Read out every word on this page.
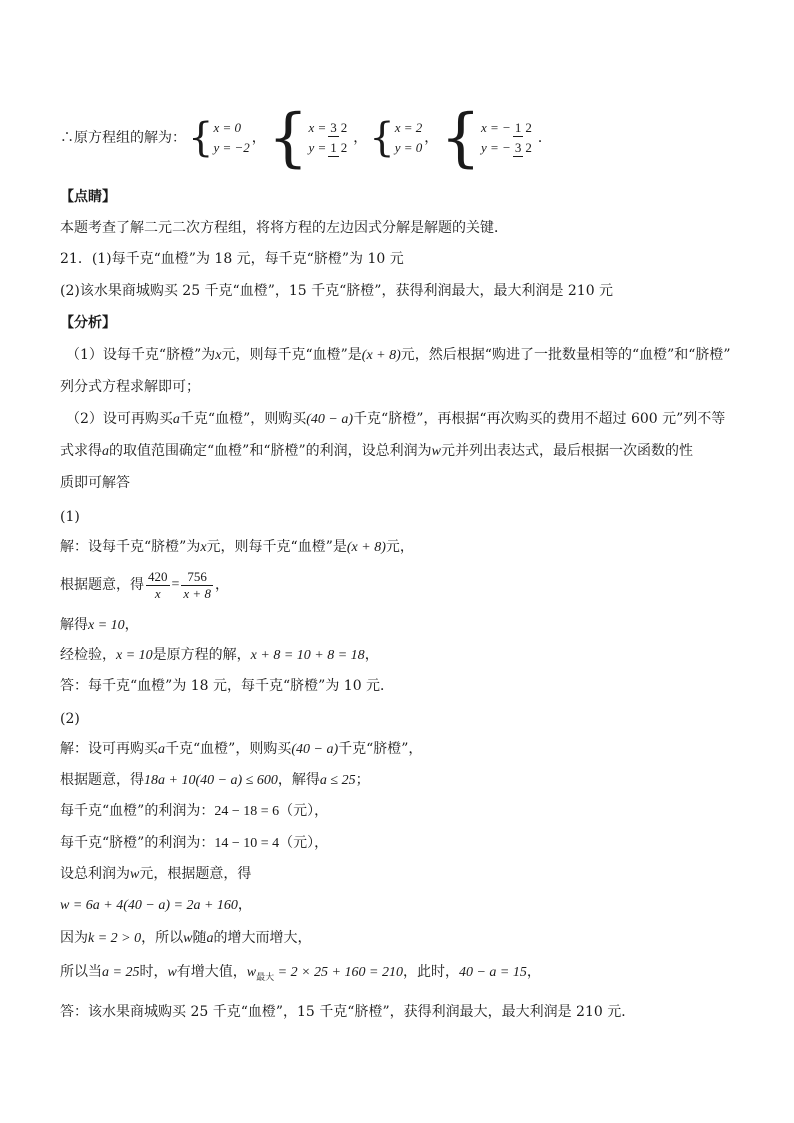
∴原方程组的解为： { x = 0
y = −2
， { x = 3 2
y = 1 2
， { x = 2
y = 0
， { x = − 1 2
y = − 3 2
．
【点睛】
本题考查了解二元二次方程组，将将方程的左边因式分解是解题的关键．
21．(1)每千克“血橙”为 18 元，每千克“脐橙”为 10 元
(2)该水果商城购买 25 千克“血橙”，15 千克“脐橙”，获得利润最大，最大利润是 210 元
【分析】
（1）设每千克“脐橙”为x元，则每千克“血橙”是(x + 8)元，然后根据“购进了一批数量相等的“血橙”和“脐橙”
列分式方程求解即可；
（2）设可再购买a千克“血橙”，则购买(40 − a)千克“脐橙”，再根据“再次购买的费用不超过 600 元”列不等
式求得a的取值范围确定“血橙”和“脐橙”的利润，设总利润为w元并列出表达式，最后根据一次函数的性
质即可解答
(1)
解：设每千克“脐橙”为x元，则每千克“血橙”是(x + 8)元，
根据题意，得 $\frac{420}{x} = \frac{756}{x + 8}$ ，
解得x = 10，
经检验，x = 10是原方程的解，x + 8 = 10 + 8 = 18，
答：每千克“血橙”为 18 元，每千克“脐橙”为 10 元．
(2)
解：设可再购买a千克“血橙”，则购买(40 − a)千克“脐橙”，
根据题意，得18a + 10(40 − a) ≤ 600，解得a ≤ 25；
每千克“血橙”的利润为：24 − 18 = 6（元），
每千克“脐橙”的利润为：14 − 10 = 4（元），
设总利润为w元，根据题意，得
w = 6a + 4(40 − a) = 2a + 160，
因为k = 2 > 0，所以w随a的增大而增大，
所以当a = 25时，w有增大值，$w_{最大} = 2 \times 25 + 160 = 210$，此时，40 − a = 15，
答：该水果商城购买 25 千克“血橙”，15 千克“脐橙”，获得利润最大，最大利润是 210 元．
